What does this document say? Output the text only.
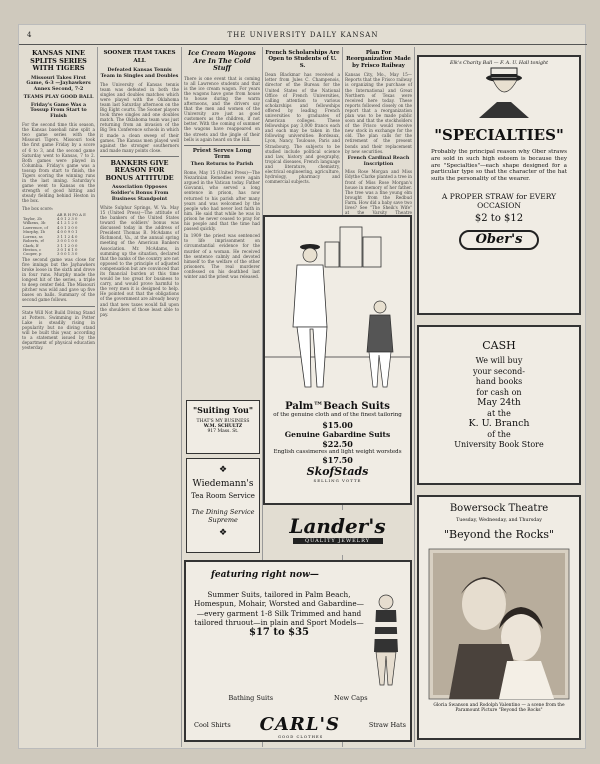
4	THE UNIVERSITY DAILY KANSAN
KANSAS NINE SPLITS SERIES WITH TIGERS
Missouri Takes First Game, 6-3 —Jayhawkers Annex Second, 7-2
TEAMS PLAY GOOD BALL
Friday's Game Was a Tossup From Start to Finish

For the second time this season, the Kansas baseball nine split a two game series with the Missouri Tigers. Missouri took the first game Friday by a score of 6 to 3, and the second game Saturday went to Kansas, 7 to 2. Both games were played in Columbia. Friday's game was a tossup from start to finish, the Tigers scoring the winning runs in the last inning. Saturday's game went to Kansas on the strength of good hitting and steady fielding behind Heston in the box.

The box score:

	AB R H PO A E
Taylor, 2b	4 0 1 2 3 0
Wilkens, 3b	4 1 2 1 2 0
Lawrence, cf	4 0 1 3 0 0
Murphy, 1b	4 0 0 9 0 1
Lorenz, ss	3 1 1 2 4 0
Roberts, rf	3 0 0 1 0 0
Clark, lf	3 1 1 2 0 0
Heston, c	3 0 1 6 1 0
Cooper, p	3 0 0 1 3 0

The second game was close for five innings but the Jayhawkers broke loose in the sixth and drove in four runs. Murphy made the longest hit of the series, a triple to deep center field. The Missouri pitcher was wild and gave up five bases on balls. Summary of the second game follows.

State Will Not Build Diving Stand at Potters. Swimming in Potter Lake is steadily rising in popularity but no diving stand will be built this year, according to a statement issued by the department of physical education yesterday.

SOONER TEAM TAKES ALL
Defeated Kansas Tennis Team in Singles and Doubles

The University of Kansas tennis team was defeated in both the singles and doubles matches which were played with the Oklahoma team last Saturday afternoon on the Big Eight courts. The Sooner players took three singles and one doubles match. The Oklahoma team was just returning from an invasion of the Big Ten Conference schools in which it made a clean sweep of their games. The Kansas men played well against the stronger southerners and made many points close.

BANKERS GIVE REASON FOR BONUS ATTITUDE
Association Opposes Soldier's Bonus From Business Standpoint

White Sulphur Springs, W. Va. May 15 (United Press)—The attitude of the bankers of the United States toward the soldiers' bonus was discussed today in the address of President Thomas B. McAdams of Richmond, Va., at the annual spring meeting of the American Bankers Association. Mr. McAdams, in summing up the situation, declared that the banks of the country are not opposed to the principle of adjusted compensation but are convinced that its financial burden at this time would be too great for business to carry, and would prove harmful to the very men it is designed to help. He pointed out that the obligations of the government are already heavy and that new taxes would fall upon the shoulders of those least able to pay.

Ice Cream Wagons Are In The Cold Stuff

There is one event that is coming to all Lawrence students and that is the ice cream wagon. For years the wagons have gone from house to house during the warm afternoons, and the drivers say that the men and women of the University are just as good customers as the children, if not better. With the coming of summer the wagons have reappeared on the streets and the jingle of their bells is again heard on the Hill.

Priest Serves Long Term
Then Returns to Parish

Rome, May 15 (United Press)—The Nezarinian Remedies were again argued in the Vatican today. Father Giovanni, who served a long sentence in prison, has now returned to his parish after many years and was welcomed by the people who had never lost faith in him. He said that while he was in prison he never ceased to pray for his people and that the time had passed quickly.

In 1909 the priest was sentenced to life imprisonment on circumstantial evidence for the murder of a woman. He received the sentence calmly and devoted himself to the welfare of the other prisoners. The real murderer confessed on his deathbed last winter and the priest was released.

"Suiting You"
THAT'S MY BUSINESS
W.M. SCHULTZ
917 Mass. St.
❖
Wiedemann's
Tea Room Service
The Dining Service
Supreme
❖
French Scholarships Are Open to Students of U. S.

Dean Blackmar has received a letter from Jules C. Champenois, director of the Bureau for the United States of the National Office of French Universities, calling attention to various scholarships and fellowships offered by leading French universities to graduates of American colleges. These fellowships pay 3,000 francs each and each may be taken in the following universities: Bordeaux, Lyon, Nancy, Toulouse, Paris and Strasbourg. The subjects to be studied include political science and law, history and geography, tropical diseases, French language and literature, chemistry, electrical engineering, agriculture, hydrology, pharmacy and commercial subjects.

Plan For Reorganization Made by Frisco Railway

Kansas City, Mo., May 15—Reports that the Frisco railway is organizing the purchase of the International and Great Northern of Texas were received here today. These reports followed closely on the report that a reorganization plan was to be made public soon and that the stockholders of the Frisco would receive new stock in exchange for the old. The plan calls for the retirement of the present bonds and their replacement by new securities.

French Cardinal Reach Inscription

Miss Rose Morgan and Miss Edythe Clarke planted a tree in front of Miss Rose Morgan's house in memory of her father. The tree was a fine young elm brought from the Redbud Farm. How did a baby save two lives? See "The Sheik's Wife" at the Varsity Theatre

Palm™Beach Suits
of the genuine cloth and of the finest tailoring
$15.00
Genuine Gabardine Suits
$22.50
English cassimeres and light weight worsteds
$17.50
SkofStads
SELLING VOTTE
Lander's
QUALITY JEWELRY
Elk's Charity Ball — F. A. U. Hall tonight
"SPECIALTIES"

Probably the principal reason why Ober straws are sold in such high esteem is because they are "Specialties"—each shape designed for a particular type so that the character of the hat suits the personality of the wearer.

A PROPER STRAW for EVERY OCCASION
$2 to $12
Ober's
CASH
We will buy
your second-
hand books
for cash on
May 24th
at the
K. U. Branch
of the
University Book Store
Bowersock Theatre
Tuesday, Wednesday, and Thursday
"Beyond the Rocks"
Gloria Swanson and Rodolph Valentino — a scene from the Paramount Picture "Beyond the Rocks"
featuring right now—
Summer Suits, tailored in Palm Beach, Homespun, Mohair, Worsted and Gabardine—
—every garment 1-8 Silk Trimmed and hand tailored thruout—in plain and Sport Models—
$17 to $35
Bathing Suits	New Caps
Cool Shirts CARL'S	Straw Hats
GOOD CLOTHES
